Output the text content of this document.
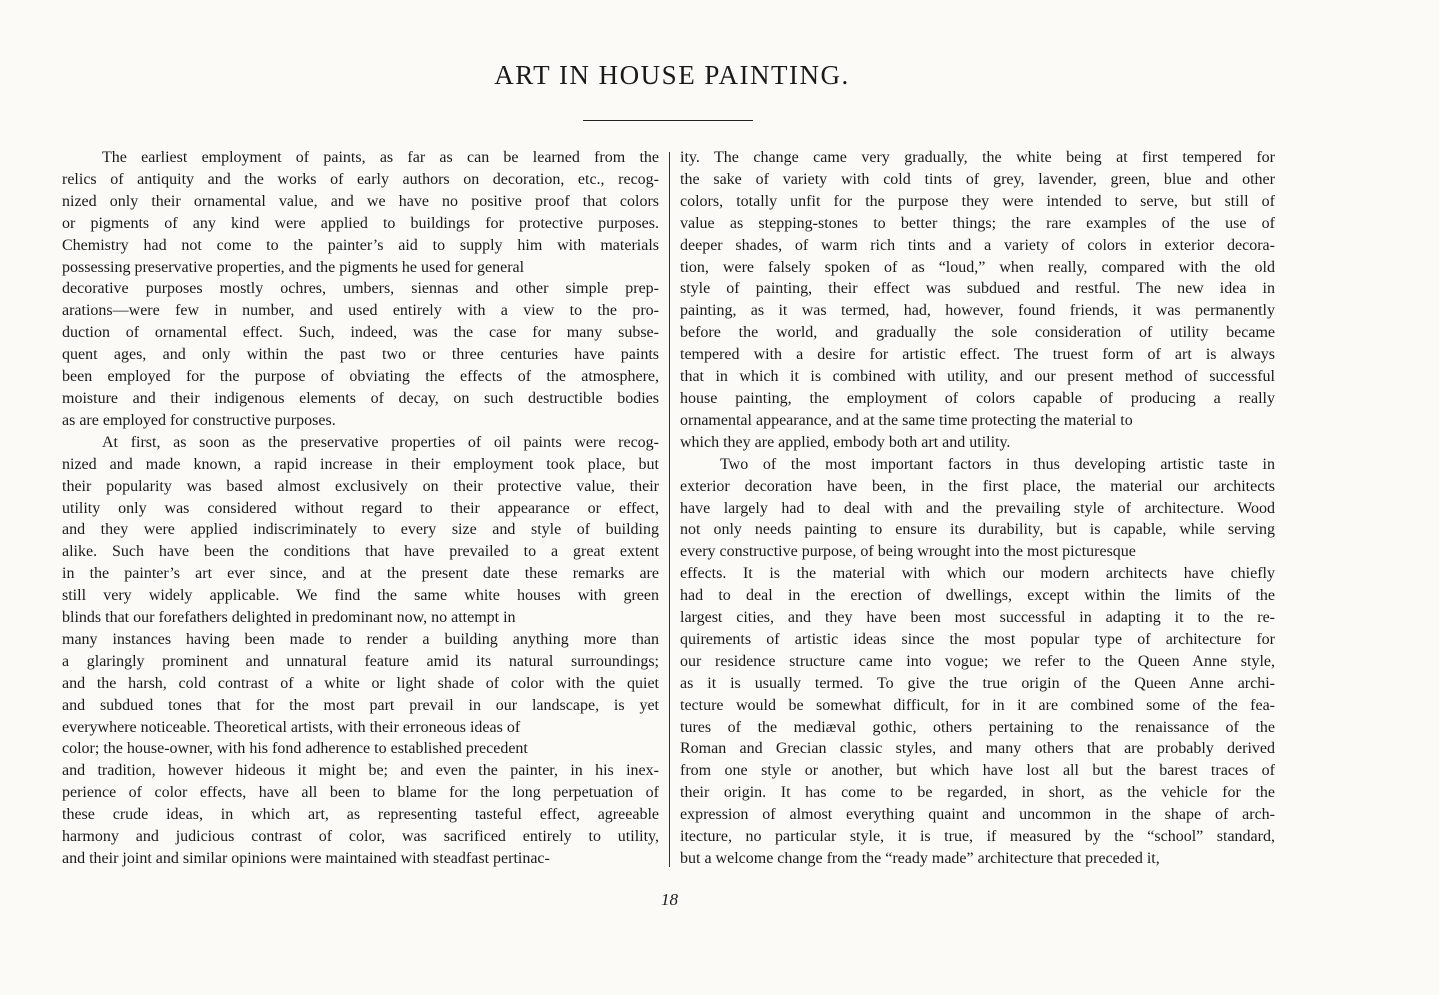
ART IN HOUSE PAINTING.

The earliest employment of paints, as far as can be learned from the
relics of antiquity and the works of early authors on decoration, etc., recog-
nized only their ornamental value, and we have no positive proof that colors
or pigments of any kind were applied to buildings for protective purposes.
Chemistry had not come to the painter’s aid to supply him with materials
possessing preservative properties, and the pigments he used for general
decorative purposes mostly ochres, umbers, siennas and other simple prep-
arations—were few in number, and used entirely with a view to the pro-
duction of ornamental effect. Such, indeed, was the case for many subse-
quent ages, and only within the past two or three centuries have paints
been employed for the purpose of obviating the effects of the atmosphere,
moisture and their indigenous elements of decay, on such destructible bodies
as are employed for constructive purposes.

At first, as soon as the preservative properties of oil paints were recog-
nized and made known, a rapid increase in their employment took place, but
their popularity was based almost exclusively on their protective value, their
utility only was considered without regard to their appearance or effect,
and they were applied indiscriminately to every size and style of building
alike. Such have been the conditions that have prevailed to a great extent
in the painter’s art ever since, and at the present date these remarks are
still very widely applicable. We find the same white houses with green
blinds that our forefathers delighted in predominant now, no attempt in
many instances having been made to render a building anything more than
a glaringly prominent and unnatural feature amid its natural surroundings;
and the harsh, cold contrast of a white or light shade of color with the quiet
and subdued tones that for the most part prevail in our landscape, is yet
everywhere noticeable. Theoretical artists, with their erroneous ideas of
color; the house-owner, with his fond adherence to established precedent
and tradition, however hideous it might be; and even the painter, in his inex-
perience of color effects, have all been to blame for the long perpetuation of
these crude ideas, in which art, as representing tasteful effect, agreeable
harmony and judicious contrast of color, was sacrificed entirely to utility,
and their joint and similar opinions were maintained with steadfast pertinac-

ity. The change came very gradually, the white being at first tempered for
the sake of variety with cold tints of grey, lavender, green, blue and other
colors, totally unfit for the purpose they were intended to serve, but still of
value as stepping-stones to better things; the rare examples of the use of
deeper shades, of warm rich tints and a variety of colors in exterior decora-
tion, were falsely spoken of as “loud,” when really, compared with the old
style of painting, their effect was subdued and restful. The new idea in
painting, as it was termed, had, however, found friends, it was permanently
before the world, and gradually the sole consideration of utility became
tempered with a desire for artistic effect. The truest form of art is always
that in which it is combined with utility, and our present method of successful
house painting, the employment of colors capable of producing a really
ornamental appearance, and at the same time protecting the material to
which they are applied, embody both art and utility.

Two of the most important factors in thus developing artistic taste in
exterior decoration have been, in the first place, the material our architects
have largely had to deal with and the prevailing style of architecture. Wood
not only needs painting to ensure its durability, but is capable, while serving
every constructive purpose, of being wrought into the most picturesque
effects. It is the material with which our modern architects have chiefly
had to deal in the erection of dwellings, except within the limits of the
largest cities, and they have been most successful in adapting it to the re-
quirements of artistic ideas since the most popular type of architecture for
our residence structure came into vogue; we refer to the Queen Anne style,
as it is usually termed. To give the true origin of the Queen Anne archi-
tecture would be somewhat difficult, for in it are combined some of the fea-
tures of the mediæval gothic, others pertaining to the renaissance of the
Roman and Grecian classic styles, and many others that are probably derived
from one style or another, but which have lost all but the barest traces of
their origin. It has come to be regarded, in short, as the vehicle for the
expression of almost everything quaint and uncommon in the shape of arch-
itecture, no particular style, it is true, if measured by the “school” standard,
but a welcome change from the “ready made” architecture that preceded it,

18
